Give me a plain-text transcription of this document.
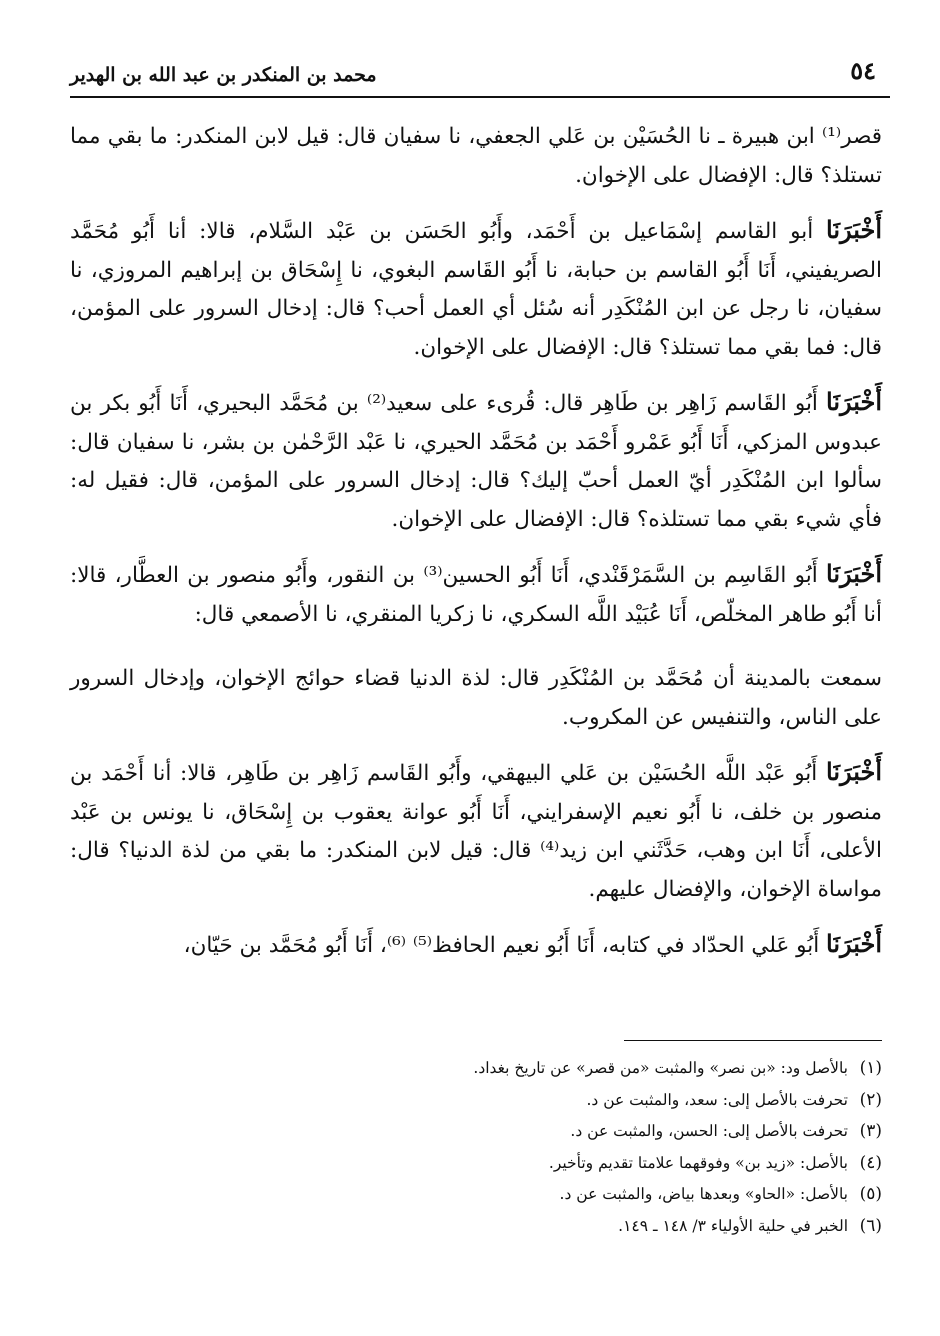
٥٤
محمد بن المنكدر بن عبد الله بن الهدير

قصر⁽¹⁾ ابن هبيرة ـ نا الحُسَيْن بن عَلي الجعفي، نا سفيان قال: قيل لابن المنكدر: ما بقي مما تستلذ؟ قال: الإفضال على الإخوان.

أَخْبَرَنَا أبو القاسم إسْمَاعيل بن أَحْمَد، وأَبُو الحَسَن بن عَبْد السَّلام، قالا: أنا أَبُو مُحَمَّد الصريفيني، أَنَا أَبُو القاسم بن حبابة، نا أَبُو القَاسم البغوي، نا إِسْحَاق بن إبراهيم المروزي، نا سفيان، نا رجل عن ابن المُنْكَدِر أنه سُئل أي العمل أحب؟ قال: إدخال السرور على المؤمن، قال: فما بقي مما تستلذ؟ قال: الإفضال على الإخوان.

أَخْبَرَنَا أَبُو القَاسم زَاهِر بن طَاهِر قال: قُرىء على سعيد⁽²⁾ بن مُحَمَّد البحيري، أَنَا أَبُو بكر بن عبدوس المزكي، أَنَا أَبُو عَمْرو أَحْمَد بن مُحَمَّد الحيري، نا عَبْد الرَّحْمٰن بن بشر، نا سفيان قال: سألوا ابن المُنْكَدِر أيّ العمل أحبّ إليك؟ قال: إدخال السرور على المؤمن، قال: فقيل له: فأي شيء بقي مما تستلذه؟ قال: الإفضال على الإخوان.

أَخْبَرَنَا أَبُو القَاسِم بن السَّمَرْقَنْدي، أَنَا أَبُو الحسين⁽³⁾ بن النقور، وأَبُو منصور بن العطَّار، قالا: أنا أَبُو طاهر المخلّص، أَنَا عُبَيْد اللَّه السكري، نا زكريا المنقري، نا الأصمعي قال:

سمعت بالمدينة أن مُحَمَّد بن المُنْكَدِر قال: لذة الدنيا قضاء حوائج الإخوان، وإدخال السرور على الناس، والتنفيس عن المكروب.

أَخْبَرَنَا أَبُو عَبْد اللَّه الحُسَيْن بن عَلي البيهقي، وأَبُو القَاسم زَاهِر بن طَاهِر، قالا: أنا أَحْمَد بن منصور بن خلف، نا أَبُو نعيم الإسفرايني، أَنَا أَبُو عوانة يعقوب بن إِسْحَاق، نا يونس بن عَبْد الأعلى، أَنَا ابن وهب، حَدَّثَني ابن زيد⁽⁴⁾ قال: قيل لابن المنكدر: ما بقي من لذة الدنيا؟ قال: مواساة الإخوان، والإفضال عليهم.

أَخْبَرَنَا أَبُو عَلي الحدّاد في كتابه، أَنَا أَبُو نعيم الحافظ⁽⁵⁾ ⁽⁶⁾، أَنَا أَبُو مُحَمَّد بن حَيّان،

(١)بالأصل ود: «بن نصر» والمثبت «من قصر» عن تاريخ بغداد.
(٢)تحرفت بالأصل إلى: سعد، والمثبت عن د.
(٣)تحرفت بالأصل إلى: الحسن، والمثبت عن د.
(٤)بالأصل: «زيد بن» وفوقهما علامتا تقديم وتأخير.
(٥)بالأصل: «الحاو» وبعدها بياض، والمثبت عن د.
(٦)الخبر في حلية الأولياء ٣/ ١٤٨ ـ ١٤٩.
